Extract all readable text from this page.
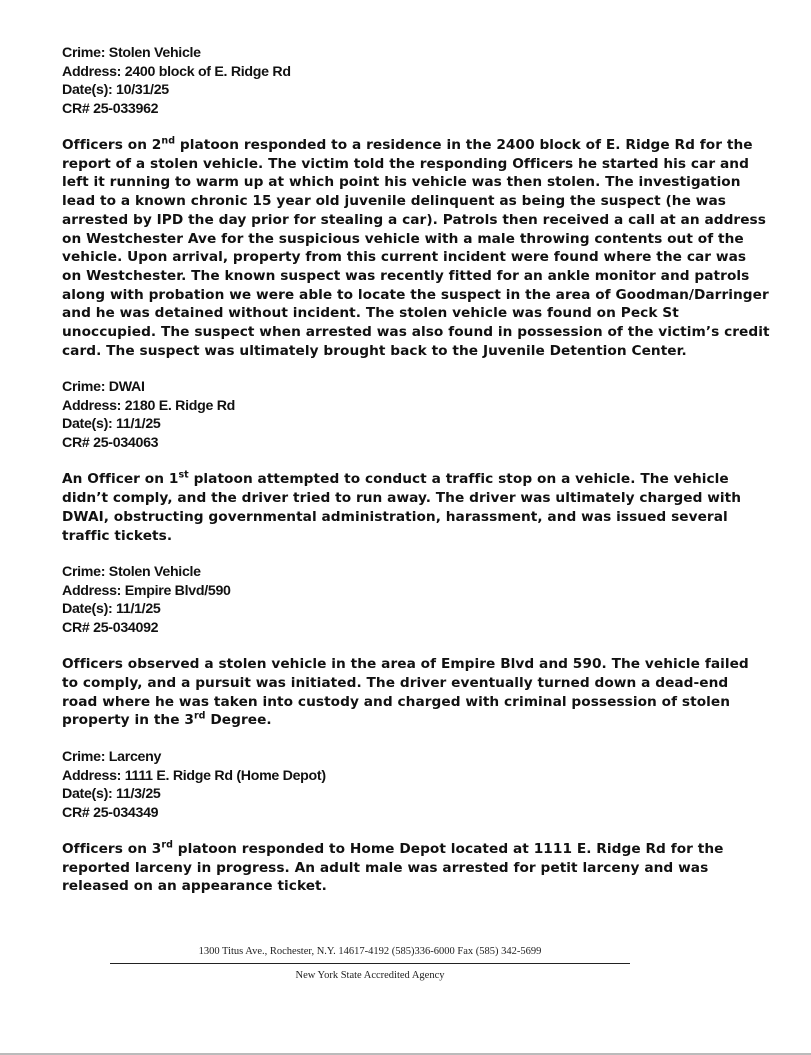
Crime: Stolen Vehicle
Address: 2400 block of E. Ridge Rd
Date(s): 10/31/25
CR# 25-033962
Officers on 2nd platoon responded to a residence in the 2400 block of E. Ridge Rd for the
report of a stolen vehicle. The victim told the responding Officers he started his car and
left it running to warm up at which point his vehicle was then stolen. The investigation
lead to a known chronic 15 year old juvenile delinquent as being the suspect (he was
arrested by IPD the day prior for stealing a car). Patrols then received a call at an address
on Westchester Ave for the suspicious vehicle with a male throwing contents out of the
vehicle. Upon arrival, property from this current incident were found where the car was
on Westchester. The known suspect was recently fitted for an ankle monitor and patrols
along with probation we were able to locate the suspect in the area of Goodman/Darringer
and he was detained without incident. The stolen vehicle was found on Peck St
unoccupied. The suspect when arrested was also found in possession of the victim’s credit
card. The suspect was ultimately brought back to the Juvenile Detention Center.
Crime: DWAI
Address: 2180 E. Ridge Rd
Date(s): 11/1/25
CR# 25-034063
An Officer on 1st platoon attempted to conduct a traffic stop on a vehicle. The vehicle
didn’t comply, and the driver tried to run away. The driver was ultimately charged with
DWAI, obstructing governmental administration, harassment, and was issued several
traffic tickets.
Crime: Stolen Vehicle
Address: Empire Blvd/590
Date(s): 11/1/25
CR# 25-034092
Officers observed a stolen vehicle in the area of Empire Blvd and 590. The vehicle failed
to comply, and a pursuit was initiated. The driver eventually turned down a dead-end
road where he was taken into custody and charged with criminal possession of stolen
property in the 3rd Degree.
Crime: Larceny
Address: 1111 E. Ridge Rd (Home Depot)
Date(s): 11/3/25
CR# 25-034349
Officers on 3rd platoon responded to Home Depot located at 1111 E. Ridge Rd for the
reported larceny in progress. An adult male was arrested for petit larceny and was
released on an appearance ticket.
1300 Titus Ave., Rochester, N.Y. 14617-4192 (585)336-6000 Fax (585) 342-5699
New York State Accredited Agency
